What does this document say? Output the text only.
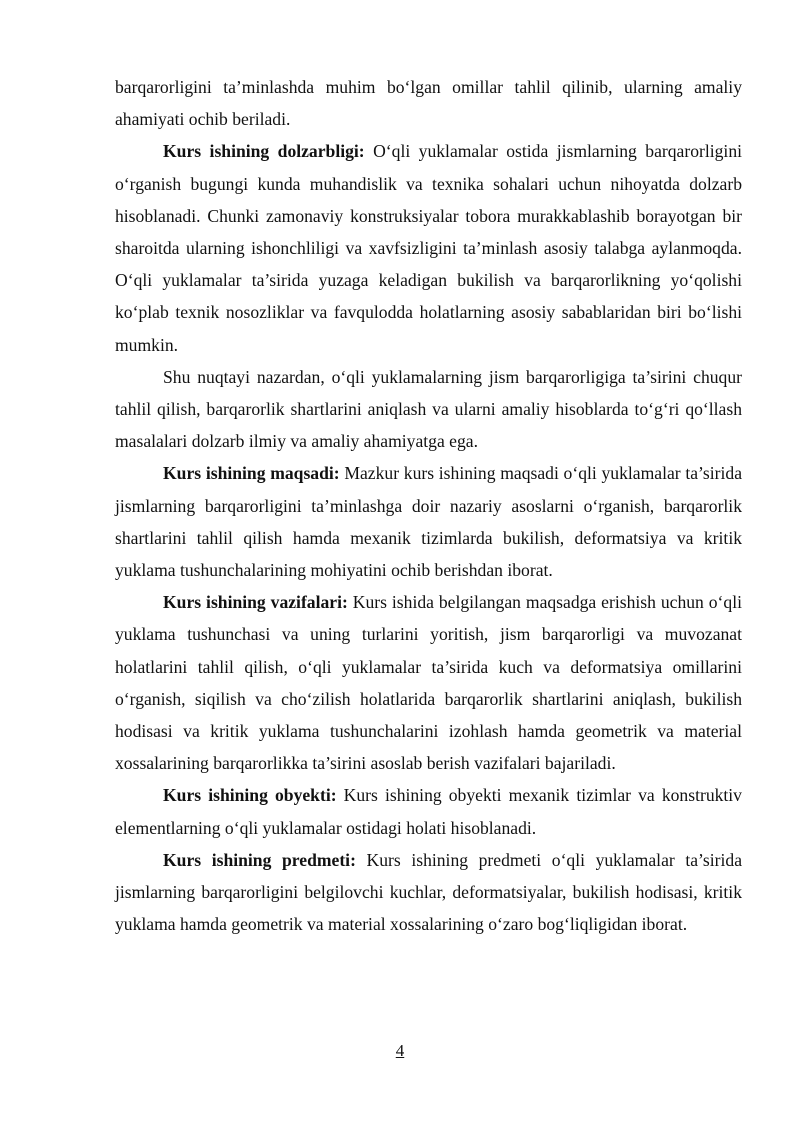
barqarorligini ta’minlashda muhim bo‘lgan omillar tahlil qilinib, ularning amaliy ahamiyati ochib beriladi.

Kurs ishining dolzarbligi: O‘qli yuklamalar ostida jismlarning barqarorligini o‘rganish bugungi kunda muhandislik va texnika sohalari uchun nihoyatda dolzarb hisoblanadi. Chunki zamonaviy konstruksiyalar tobora murakkablashib borayotgan bir sharoitda ularning ishonchliligi va xavfsizligini ta’minlash asosiy talabga aylanmoqda. O‘qli yuklamalar ta’sirida yuzaga keladigan bukilish va barqarorlikning yo‘qolishi ko‘plab texnik nosozliklar va favqulodda holatlarning asosiy sabablaridan biri bo‘lishi mumkin.

Shu nuqtayi nazardan, o‘qli yuklamalarning jism barqarorligiga ta’sirini chuqur tahlil qilish, barqarorlik shartlarini aniqlash va ularni amaliy hisoblarda to‘g‘ri qo‘llash masalalari dolzarb ilmiy va amaliy ahamiyatga ega.

Kurs ishining maqsadi: Mazkur kurs ishining maqsadi o‘qli yuklamalar ta’sirida jismlarning barqarorligini ta’minlashga doir nazariy asoslarni o‘rganish, barqarorlik shartlarini tahlil qilish hamda mexanik tizimlarda bukilish, deformatsiya va kritik yuklama tushunchalarining mohiyatini ochib berishdan iborat.

Kurs ishining vazifalari: Kurs ishida belgilangan maqsadga erishish uchun o‘qli yuklama tushunchasi va uning turlarini yoritish, jism barqarorligi va muvozanat holatlarini tahlil qilish, o‘qli yuklamalar ta’sirida kuch va deformatsiya omillarini o‘rganish, siqilish va cho‘zilish holatlarida barqarorlik shartlarini aniqlash, bukilish hodisasi va kritik yuklama tushunchalarini izohlash hamda geometrik va material xossalarining barqarorlikka ta’sirini asoslab berish vazifalari bajariladi.

Kurs ishining obyekti: Kurs ishining obyekti mexanik tizimlar va konstruktiv elementlarning o‘qli yuklamalar ostidagi holati hisoblanadi.

Kurs ishining predmeti: Kurs ishining predmeti o‘qli yuklamalar ta’sirida jismlarning barqarorligini belgilovchi kuchlar, deformatsiyalar, bukilish hodisasi, kritik yuklama hamda geometrik va material xossalarining o‘zaro bog‘liqligidan iborat.

4
